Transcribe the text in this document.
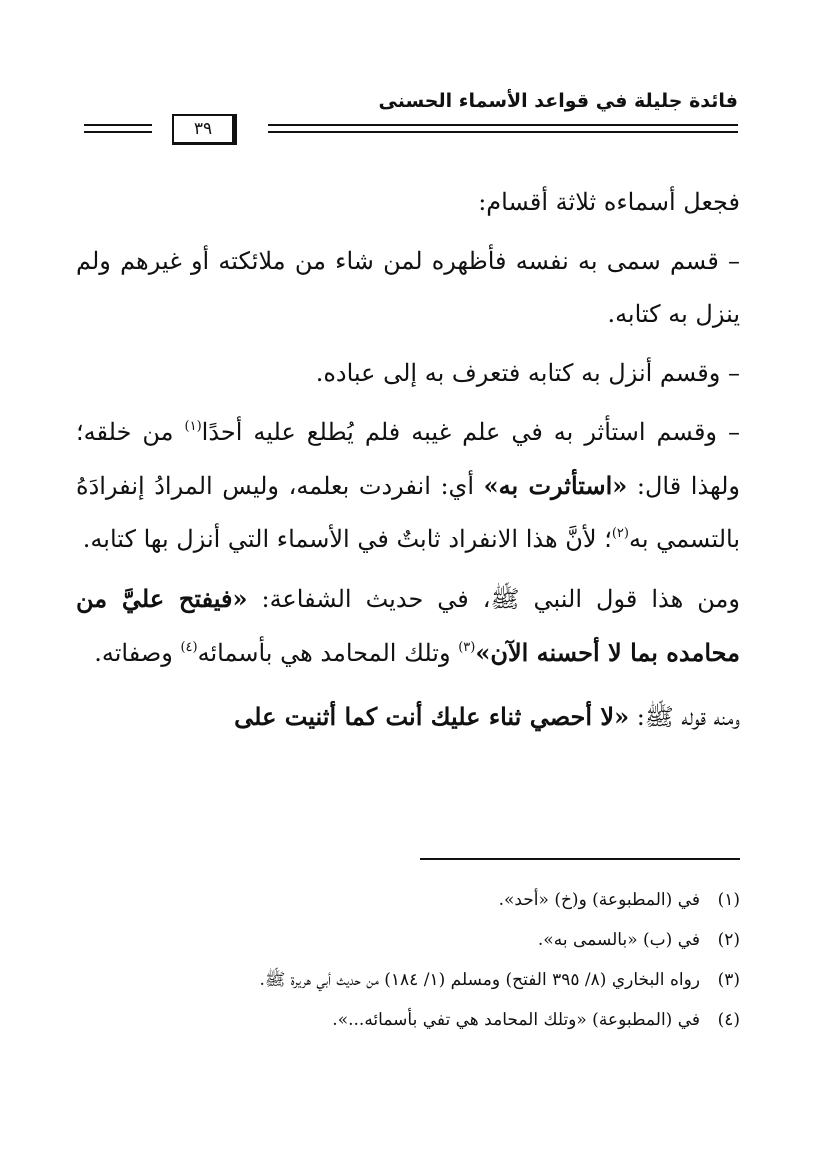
فائدة جليلة في قواعد الأسماء الحسنى
٣٩

فجعل أسماءه ثلاثة أقسام:

– قسم سمى به نفسه فأظهره لمن شاء من ملائكته أو غيرهم ولم ينزل به كتابه.

– وقسم أنزل به كتابه فتعرف به إلى عباده.

– وقسم استأثر به في علم غيبه فلم يُطلع عليه أحدًا$^{(١)}$ من خلقه؛ ولهذا قال: «استأثرت به» أي: انفردت بعلمه، وليس المرادُ إنفرادَهُ بالتسمي به$^{(٢)}$؛ لأنَّ هذا الانفراد ثابتٌ في الأسماء التي أنزل بها كتابه.

ومن هذا قول النبي ﷺ، في حديث الشفاعة: «فيفتح عليَّ من محامده بما لا أحسنه الآن»$^{(٣)}$ وتلك المحامد هي بأسمائه$^{(٤)}$ وصفاته.

ومنه قوله ﷺ: «لا أحصي ثناء عليك أنت كما أثنيت على

(١)
في (المطبوعة) و(خ) «أحد».
(٢)
في (ب) «بالسمى به».
(٣)
رواه البخاري (٨/ ٣٩٥ الفتح) ومسلم (١/ ١٨٤) من حديث أبي هريرة ﷺ.
(٤)
في (المطبوعة) «وتلك المحامد هي تفي بأسمائه...».
